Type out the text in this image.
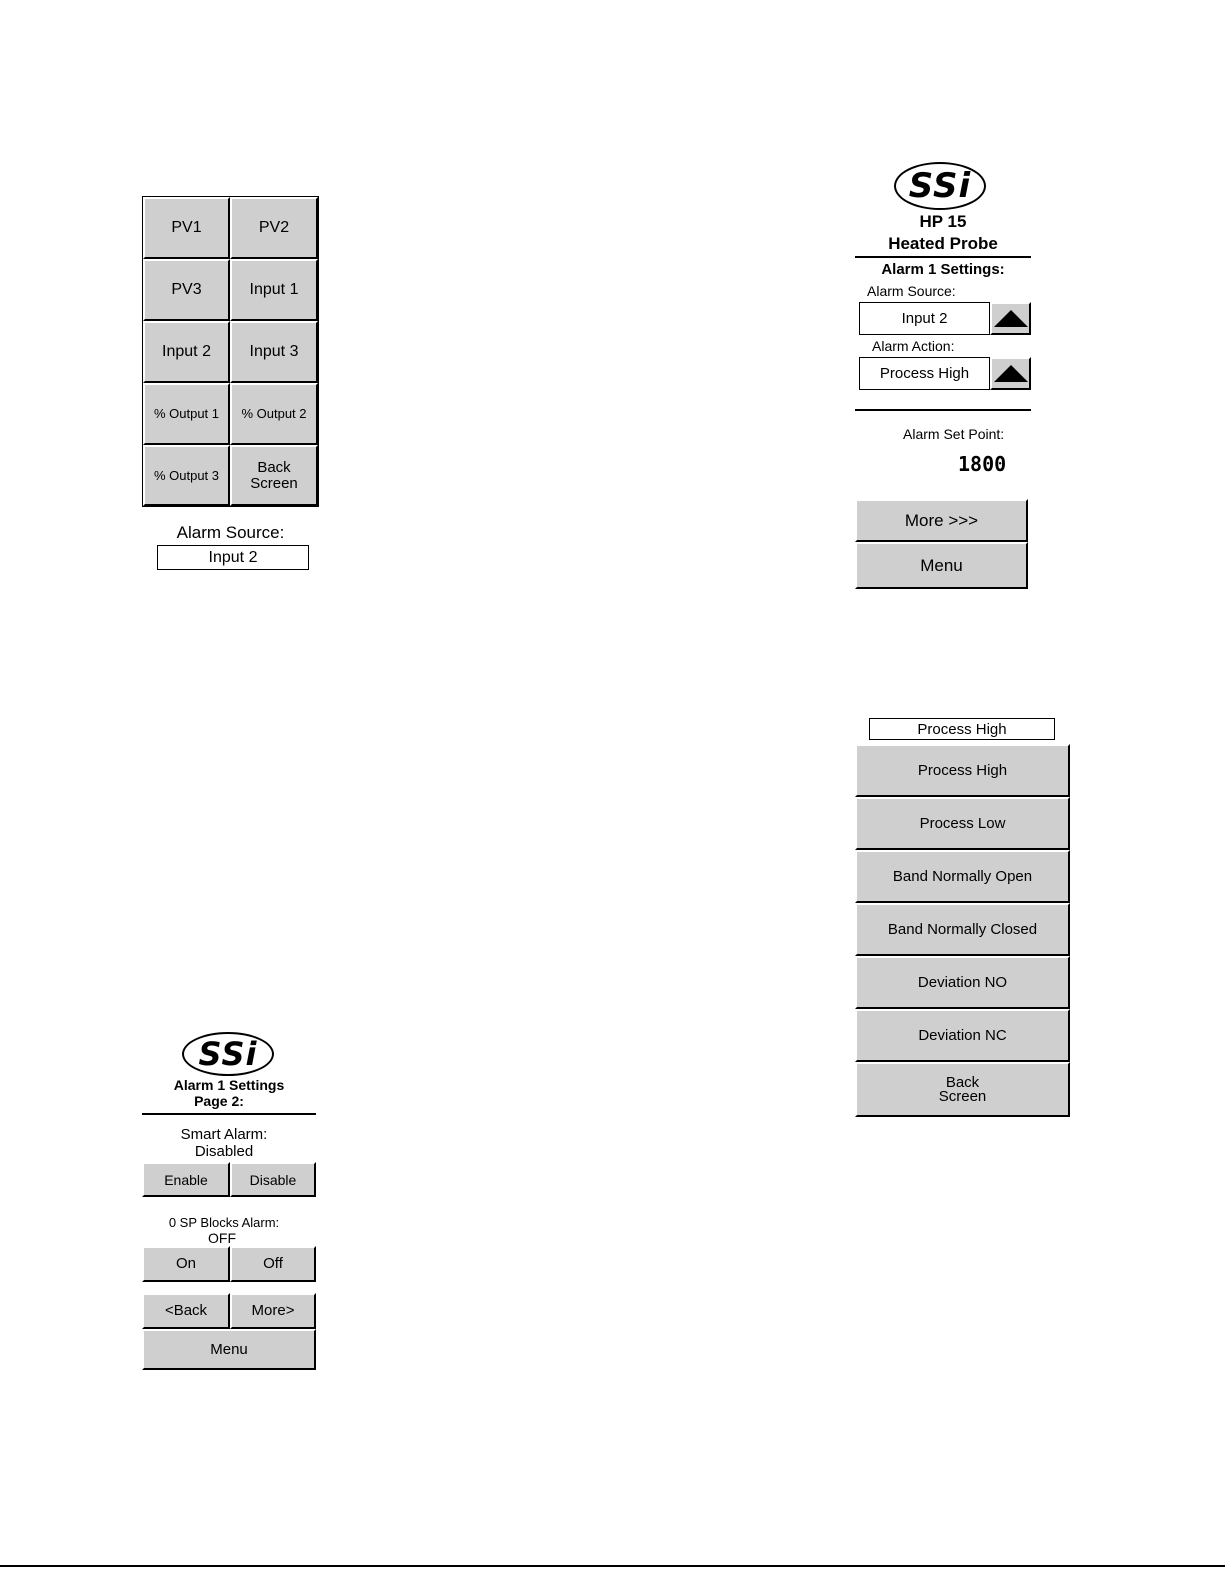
PV1	PV2
PV3	Input 1
Input 2	Input 3
% Output 1	% Output 2
% Output 3	Back
Screen
Alarm Source:
Input 2
SSi
HP 15
Heated Probe
Alarm 1 Settings:
Alarm Source:
Input 2
Alarm Action:
Process High
Alarm Set Point:
1800
More >>>
Menu
Process High
Process High
Process Low
Band Normally Open
Band Normally Closed
Deviation NO
Deviation NC
Back
Screen
SSi
Alarm 1 Settings
Page 2:
Smart Alarm:
Disabled
Enable	Disable
0 SP Blocks Alarm:
OFF
On	Off
<Back	More>
Menu
